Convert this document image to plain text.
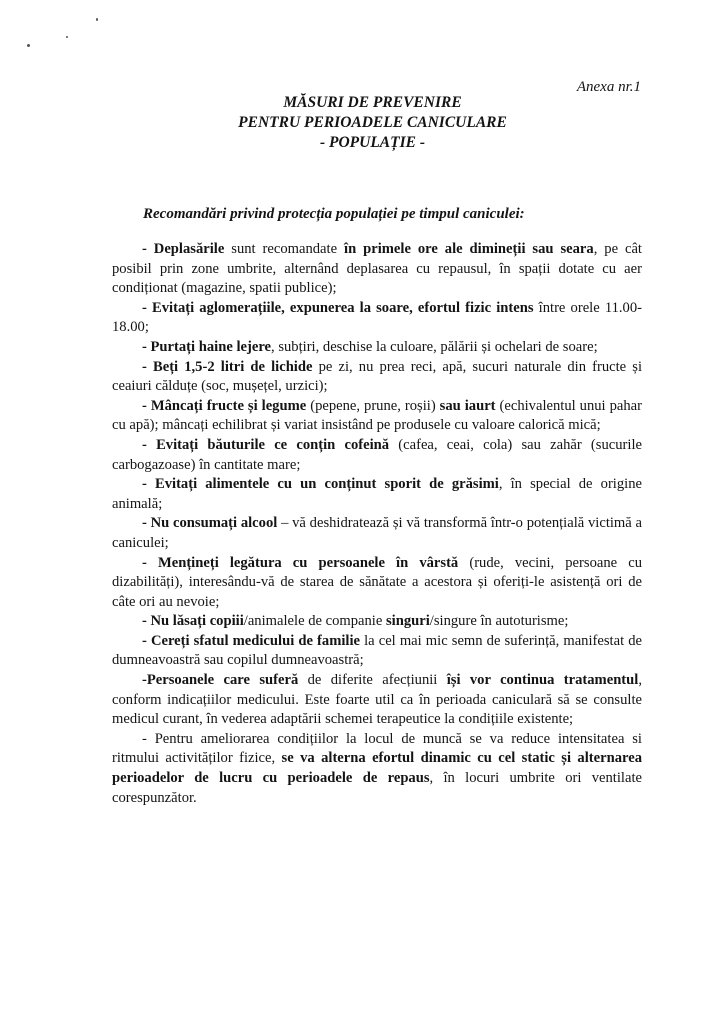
Anexa nr.1
MĂSURI DE PREVENIRE
PENTRU PERIOADELE CANICULARE
- POPULAȚIE -
Recomandări privind protecția populației pe timpul caniculei:

- Deplasările sunt recomandate în primele ore ale dimineții sau seara, pe cât posibil prin zone umbrite, alternând deplasarea cu repausul, în spații dotate cu aer condiționat (magazine, spatii publice);

- Evitați aglomerațiile, expunerea la soare, efortul fizic intens între orele 11.00-18.00;

- Purtați haine lejere, subțiri, deschise la culoare, pălării și ochelari de soare;

- Beți 1,5-2 litri de lichide pe zi, nu prea reci, apă, sucuri naturale din fructe și ceaiuri călduțe (soc, mușețel, urzici);

- Mâncați fructe și legume (pepene, prune, roșii) sau iaurt (echivalentul unui pahar cu apă); mâncați echilibrat și variat insistând pe produsele cu valoare calorică mică;

- Evitați băuturile ce conțin cofeină (cafea, ceai, cola) sau zahăr (sucurile carbogazoase) în cantitate mare;

- Evitați alimentele cu un conținut sporit de grăsimi, în special de origine animală;

- Nu consumați alcool – vă deshidratează și vă transformă într-o potențială victimă a caniculei;

- Mențineți legătura cu persoanele în vârstă (rude, vecini, persoane cu dizabilități), interesându-vă de starea de sănătate a acestora și oferiți-le asistență ori de câte ori au nevoie;

- Nu lăsați copiii/animalele de companie singuri/singure în autoturisme;

- Cereți sfatul medicului de familie la cel mai mic semn de suferință, manifestat de dumneavoastră sau copilul dumneavoastră;

-Persoanele care suferă de diferite afecțiunii își vor continua tratamentul, conform indicațiilor medicului. Este foarte util ca în perioada caniculară să se consulte medicul curant, în vederea adaptării schemei terapeutice la condițiile existente;

- Pentru ameliorarea condițiilor la locul de muncă se va reduce intensitatea si ritmului activităților fizice, se va alterna efortul dinamic cu cel static și alternarea perioadelor de lucru cu perioadele de repaus, în locuri umbrite ori ventilate corespunzător.
